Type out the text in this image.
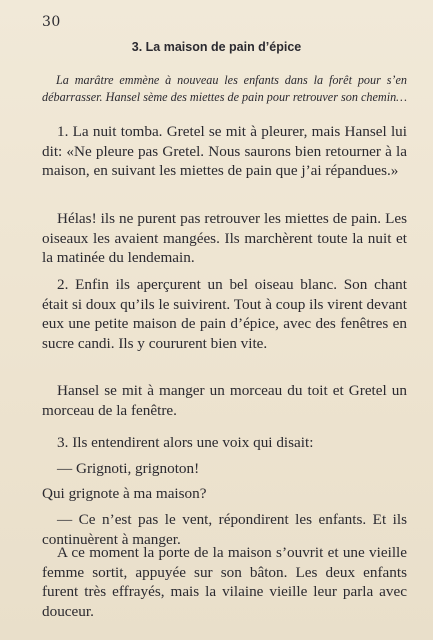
30
3. La maison de pain d’épice
La marâtre emmène à nouveau les enfants dans la forêt pour s’en débarrasser. Hansel sème des miettes de pain pour retrouver son chemin…

1. La nuit tomba. Gretel se mit à pleurer, mais Hansel lui dit: «Ne pleure pas Gretel. Nous saurons bien retourner à la maison, en suivant les miettes de pain que j’ai répandues.»

Hélas! ils ne purent pas retrouver les miettes de pain. Les oiseaux les avaient mangées. Ils marchèrent toute la nuit et la matinée du lendemain.

2. Enfin ils aperçurent un bel oiseau blanc. Son chant était si doux qu’ils le suivirent. Tout à coup ils virent devant eux une petite maison de pain d’épice, avec des fenêtres en sucre candi. Ils y coururent bien vite.

Hansel se mit à manger un morceau du toit et Gretel un morceau de la fenêtre.

3. Ils entendirent alors une voix qui disait:

— Grignoti, grignoton!

Qui grignote à ma maison?

— Ce n’est pas le vent, répondirent les enfants. Et ils continuèrent à manger.

A ce moment la porte de la maison s’ouvrit et une vieille femme sortit, appuyée sur son bâton. Les deux enfants furent très effrayés, mais la vilaine vieille leur parla avec douceur.
